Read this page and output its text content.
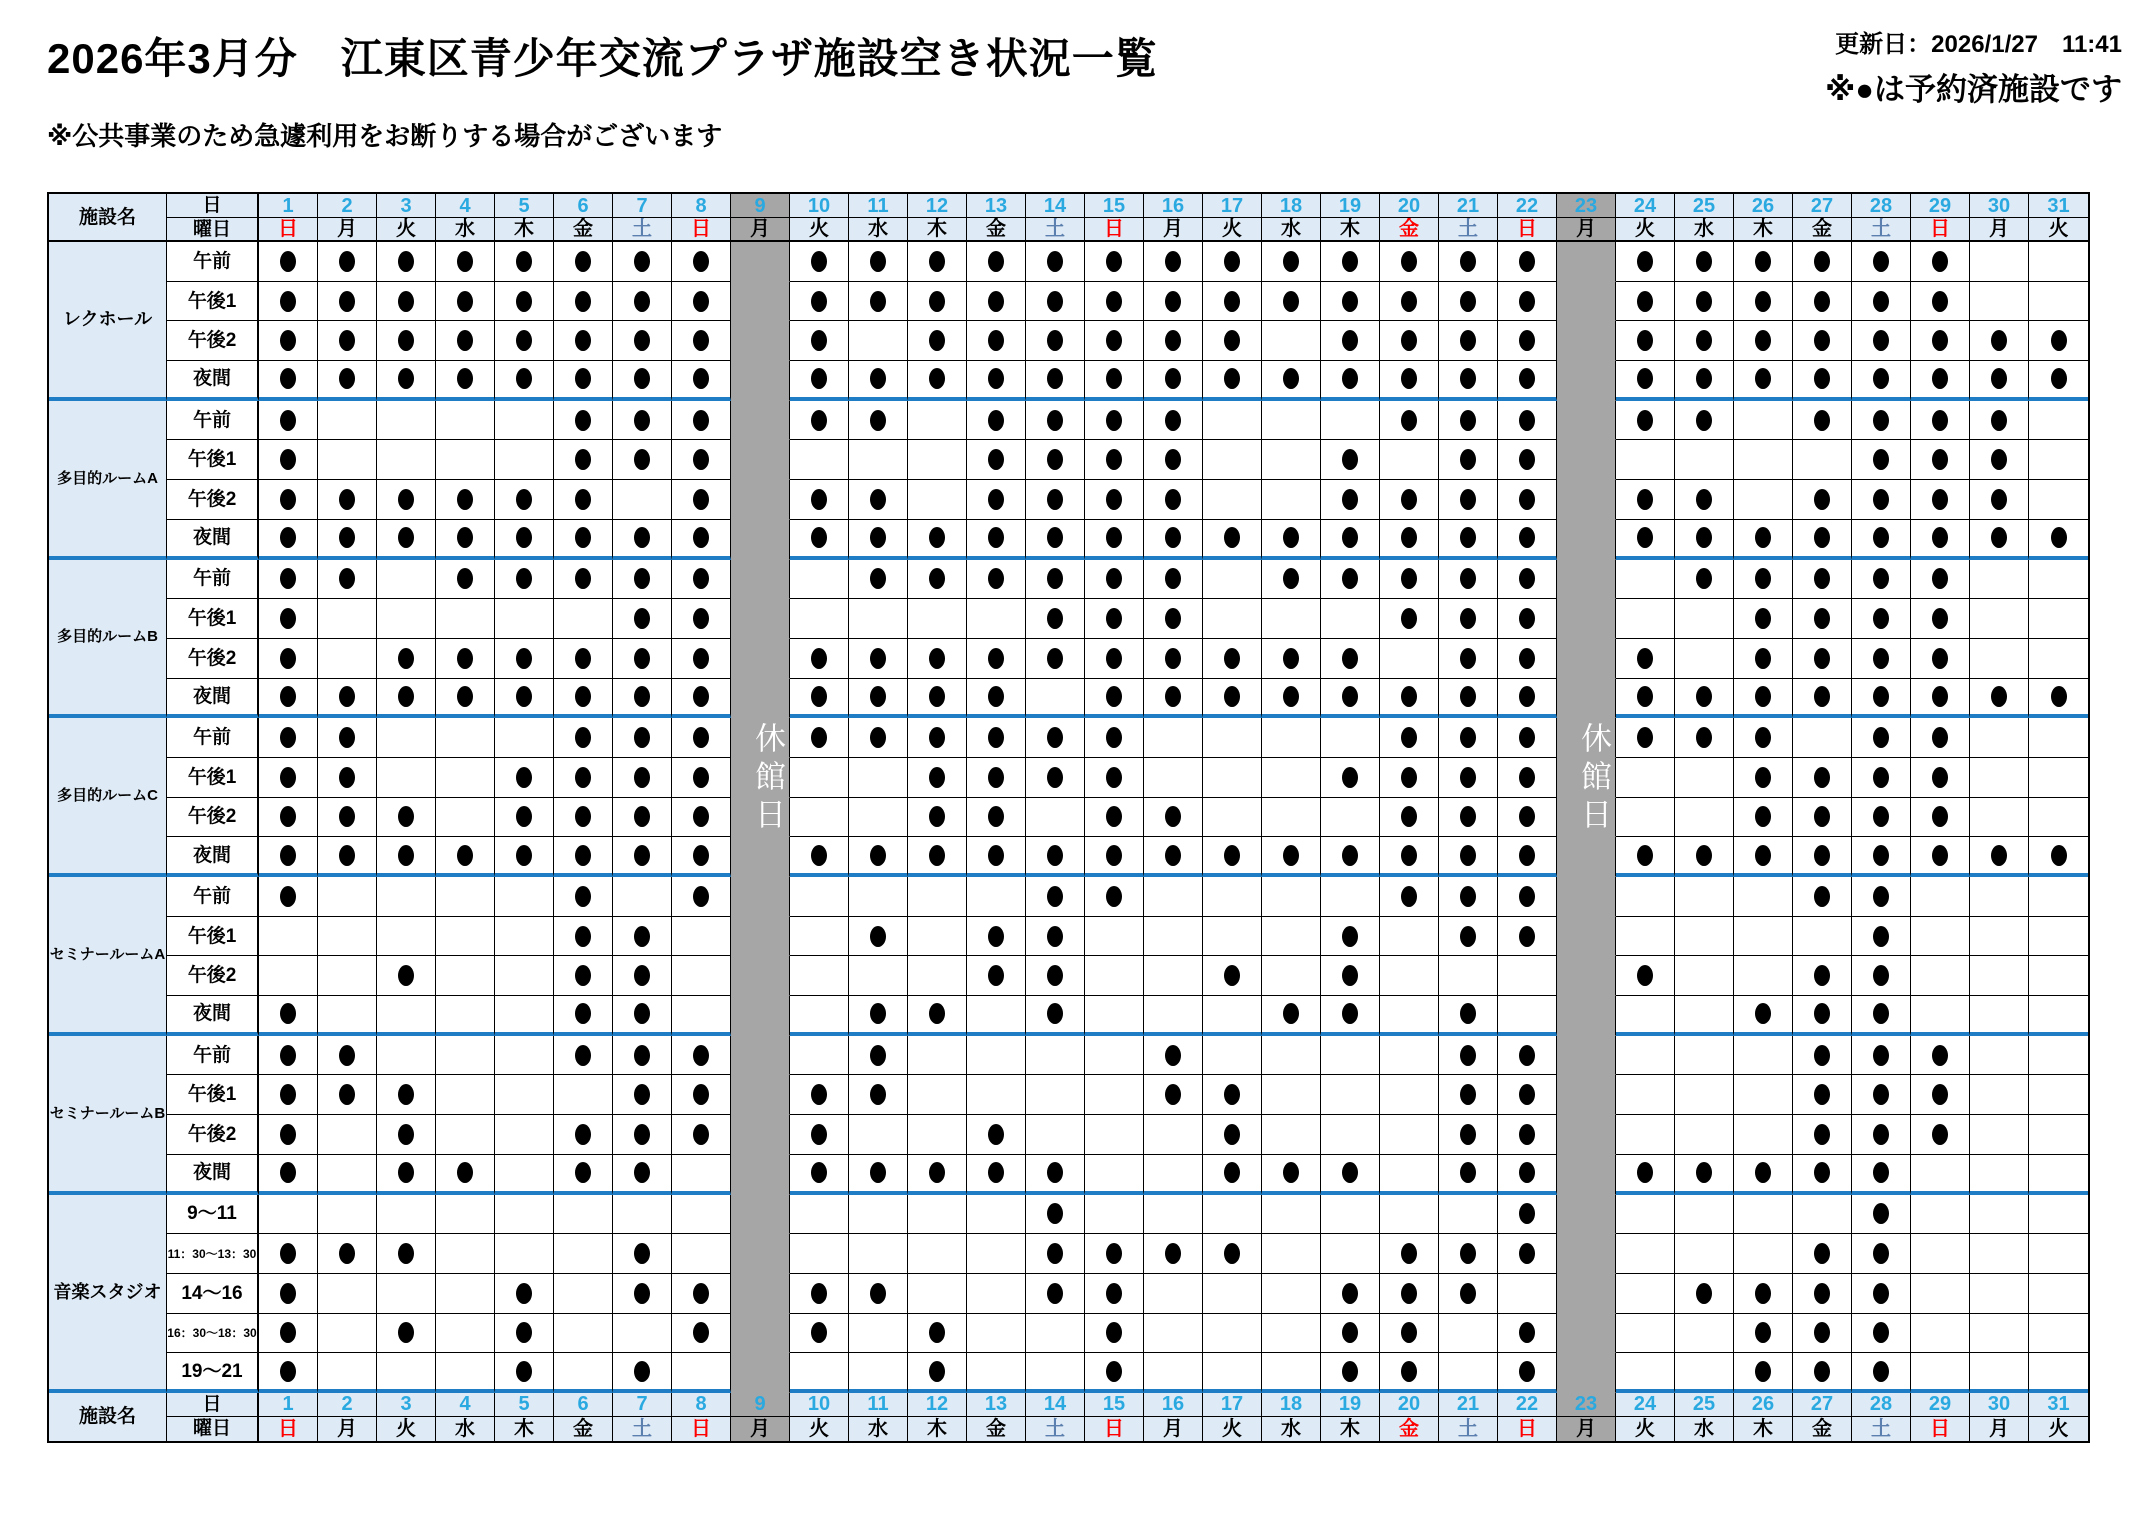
2026年3月分　江東区青少年交流プラザ施設空き状況一覧
※公共事業のため急遽利用をお断りする場合がございます
更新日：2026/1/27　11:41
※●は予約済施設です
施設名
日
曜日
1
日
2
月
3
火
4
水
5
木
6
金
7
土
8
日
9
月
10
火
11
水
12
木
13
金
14
土
15
日
16
月
17
火
18
水
19
木
20
金
21
土
22
日
23
月
24
火
25
水
26
木
27
金
28
土
29
日
30
月
31
火
レクホール
午前
午後1
午後2
夜間
多目的ルームA
午前
午後1
午後2
夜間
多目的ルームB
午前
午後1
午後2
夜間
多目的ルームC
午前
午後1
午後2
夜間
セミナールームA
午前
午後1
午後2
夜間
セミナールームB
午前
午後1
午後2
夜間
音楽スタジオ
9～11
11：30～13：30
14～16
16：30～18：30
19～21
施設名
日
曜日
1
日
2
月
3
火
4
水
5
木
6
金
7
土
8
日
9
月
10
火
11
水
12
木
13
金
14
土
15
日
16
月
17
火
18
水
19
木
20
金
21
土
22
日
23
月
24
火
25
水
26
木
27
金
28
土
29
日
30
月
31
火
休館日	休館日
